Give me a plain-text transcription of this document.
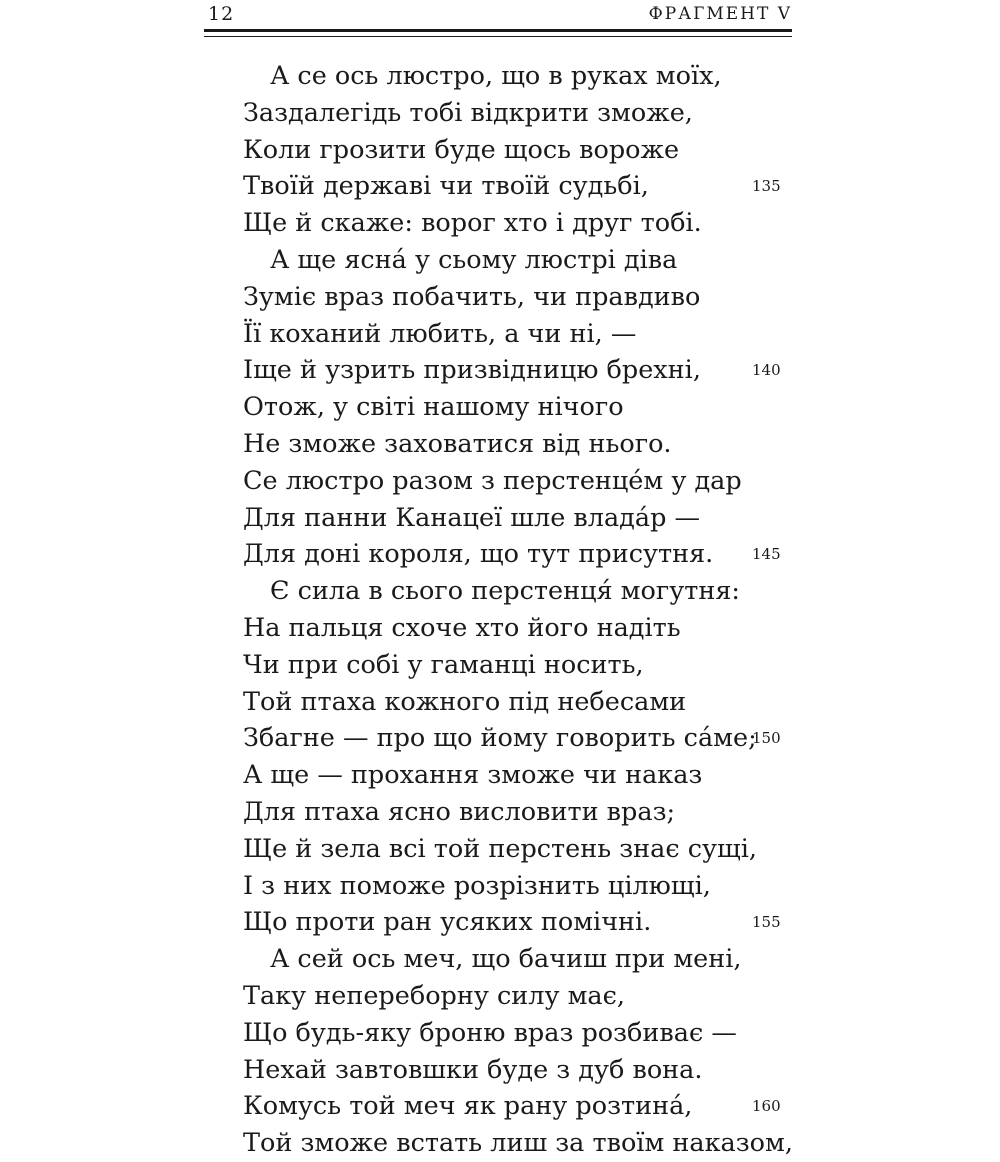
12	ФРАГМЕНТ V
А се ось люстро, що в руках моїх,
Заздалегідь тобі відкрити зможе,
Коли грозити буде щось вороже
Твоїй державі чи твоїй судьбі,	135
Ще й скаже: ворог хто і друг тобі.
А ще ясна́ у сьому люстрі діва
Зуміє враз побачить, чи правдиво
Її коханий любить, а чи ні, —
Іще й узрить призвідницю брехні,	140
Отож, у світі нашому нічого
Не зможе заховатися від нього.
Се люстро разом з перстенце́м у дар
Для панни Канацеї шле влада́р —
Для доні короля, що тут присутня.	145
Є сила в сього перстенця́ могутня:
На пальця схоче хто його надіть
Чи при собі у гаманці носить,
Той птаха кожного під небесами
Збагне — про що йому говорить са́ме;
150
А ще — прохання зможе чи наказ
Для птаха ясно висловити враз;
Ще й зела всі той перстень знає сущі,
І з них поможе розрізнить цілющі,
Що проти ран усяких помічні.	155
А сей ось меч, що бачиш при мені,
Таку непереборну силу має,
Що будь-яку броню враз розбиває —
Нехай завтовшки буде з дуб вона.
Комусь той меч як рану розтина́,	160
Той зможе встать лиш за твоїм наказом,
